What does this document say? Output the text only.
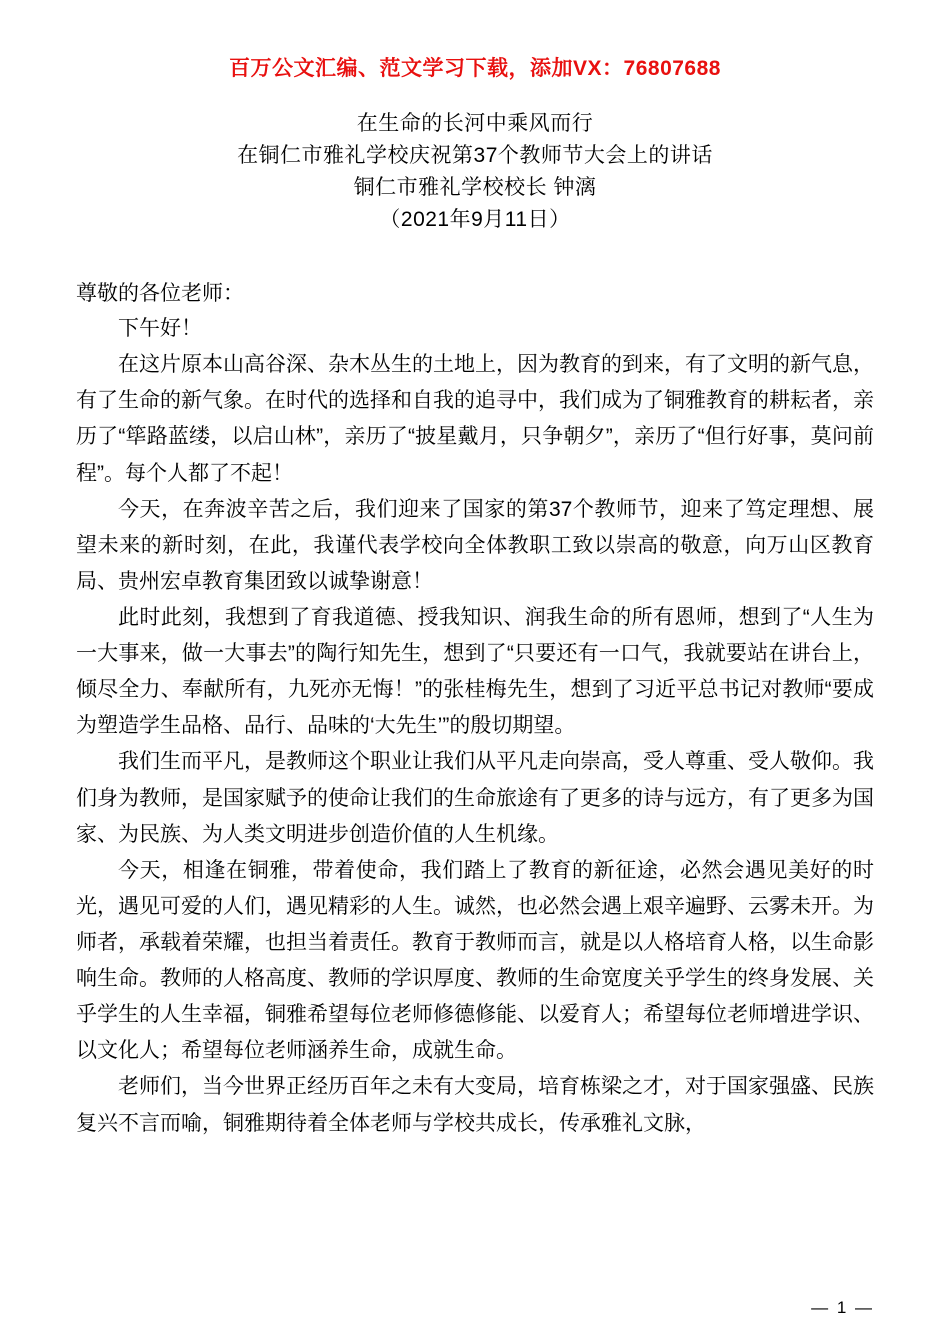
百万公文汇编、范文学习下载，添加VX：76807688
在生命的长河中乘风而行
在铜仁市雅礼学校庆祝第37个教师节大会上的讲话
铜仁市雅礼学校校长 钟漓
（2021年9月11日）
尊敬的各位老师：

下午好！

在这片原本山高谷深、杂木丛生的土地上，因为教育的到来，有了文明的新气息，有了生命的新气象。在时代的选择和自我的追寻中，我们成为了铜雅教育的耕耘者，亲历了“筚路蓝缕，以启山林”，亲历了“披星戴月，只争朝夕”，亲历了“但行好事，莫问前程”。每个人都了不起！

今天，在奔波辛苦之后，我们迎来了国家的第37个教师节，迎来了笃定理想、展望未来的新时刻，在此，我谨代表学校向全体教职工致以崇高的敬意，向万山区教育局、贵州宏卓教育集团致以诚挚谢意！

此时此刻，我想到了育我道德、授我知识、润我生命的所有恩师，想到了“人生为一大事来，做一大事去”的陶行知先生，想到了“只要还有一口气，我就要站在讲台上，倾尽全力、奉献所有，九死亦无悔！”的张桂梅先生，想到了习近平总书记对教师“要成为塑造学生品格、品行、品味的‘大先生’”的殷切期望。

我们生而平凡，是教师这个职业让我们从平凡走向崇高，受人尊重、受人敬仰。我们身为教师，是国家赋予的使命让我们的生命旅途有了更多的诗与远方，有了更多为国家、为民族、为人类文明进步创造价值的人生机缘。

今天，相逢在铜雅，带着使命，我们踏上了教育的新征途，必然会遇见美好的时光，遇见可爱的人们，遇见精彩的人生。诚然，也必然会遇上艰辛遍野、云雾未开。为师者，承载着荣耀，也担当着责任。教育于教师而言，就是以人格培育人格，以生命影响生命。教师的人格高度、教师的学识厚度、教师的生命宽度关乎学生的终身发展、关乎学生的人生幸福，铜雅希望每位老师修德修能、以爱育人；希望每位老师增进学识、以文化人；希望每位老师涵养生命，成就生命。

老师们，当今世界正经历百年之未有大变局，培育栋梁之才，对于国家强盛、民族复兴不言而喻，铜雅期待着全体老师与学校共成长，传承雅礼文脉，

— 1 —
